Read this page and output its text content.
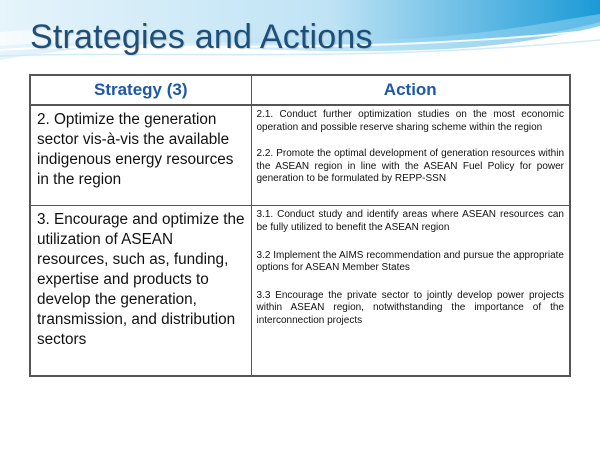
Strategies and Actions
Strategy (3)	Action
2. Optimize the generation sector vis-à-vis the available indigenous energy resources in the region	2.1. Conduct further optimization studies on the most economic operation and possible reserve sharing scheme within the region

2.2. Promote the optimal development of generation resources within the ASEAN region in line with the ASEAN Fuel Policy for power generation to be formulated by REPP-SSN

3. Encourage and optimize the utilization of ASEAN resources, such as, funding, expertise and products to develop the generation, transmission, and distribution sectors	3.1. Conduct study and identify areas where ASEAN resources can be fully utilized to benefit the ASEAN region

3.2 Implement the AIMS recommendation and pursue the appropriate options for ASEAN Member States

3.3 Encourage the private sector to jointly develop power projects within ASEAN region, notwithstanding the importance of the interconnection projects
